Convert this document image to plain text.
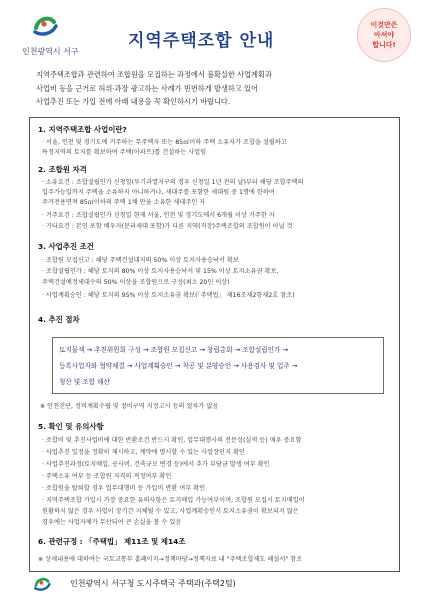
인천광역시 서구
지역주택조합 안내
이것만은
아셔야
합니다!
지역주택조합과 관련하여 조합원을 모집하는 과정에서 불확실한 사업계획과
사업비 등을 근거로 허위·과장 광고하는 사례가 빈번하게 발생하고 있어
사업추진 또는 가입 전에 아래 내용을 꼭 확인하시기 바랍니다.
1. 지역주택조합 사업이란?
· 서울, 인천 및 경기도에 거주하는 무주택자 또는 85㎡이하 주택 소유자가 조합을 설립하고
특정지역의 토지를 확보하여 주택(아파트)를 건설하는 사업임
2. 조합원 자격
· 소유요건 : 조합설립인가 신청일(투기과열지구의 경우 신청일 1년 전의 날)부터 해당 조합주택의
입주가능일까지 주택을 소유하지 아니하거나, 세대주를 포함한 세대원 중 1명에 한하여
주거전용면적 85㎡이하의 주택 1채 만을 소유한 세대주인 자
· 거주요건 : 조합설립인가 신청일 현재 서울, 인천 및 경기도에서 6개월 이상 거주한 자
· 기타요건 : 본인 포함 배우자(분리세대 포함)가 다른 지역(직장)주택조합의 조합원이 아닐 것
3. 사업추진 조건
· 조합원 모집신고 : 해당 주택건설대지의 50% 이상 토지사용승낙서 확보
· 조합설립인가 : 해당 토지의 80% 이상 토지사용승낙서 및 15% 이상 토지소유권 확보,
주택건설예정세대수의 50% 이상을 조합원으로 구성(최소 20인 이상)
· 사업계획승인 : 해당 토지의 95% 이상 토지소유권 확보(「주택법」 제16조제2항제2호 참조)
4. 추진 절차
토지물색 → 추진위원회 구성 → 조합원 모집신고 → 창립총회 → 조합설립인가 →
등록사업자와 협약체결 → 사업계획승인 → 착공 및 분양승인 → 사용검사 및 입주 →
청산 및 조합 해산
※ 안전진단, 정비계획수립 및 정비구역 지정고시 등의 절차가 없음
5. 확인 및 유의사항
· 조합비 및 추진사업비에 대한 반환조건 반드시 확인, 업무대행사의 전문성(실적 등) 매우 중요함
· 사업추진 일정을 정확히 제시하고, 계약에 명시할 수 있는 사업장인지 확인
· 사업추진과정(토지매입, 공사비, 건축규모 변경 등)에서 추가 부담금 발생 여부 확인
· 주택소유 여부 등 조합원 자격의 적정여부 확인
· 조합원을 탈퇴할 경우 업무대행비 등 가입비 반환 여부 확인
· 지역주택조합 가입시 가장 중요한 유의사항은 토지매입 가능여부이며, 조합원 모집시 토지매입이
원활하지 않은 경우 사업이 장기간 지체될 수 있고, 사업계획승인시 토지소유권이 확보되지 않은
경우에는 사업자체가 무산되어 큰 손실을 볼 수 있음
6. 관련규정 : 「주택법」 제11조 및 제14조
※ 상세내용에 대하여는 국토교통부 홈페이지→정책마당→정책자료 내 "주택조합제도 해설서" 참조
인천광역시 서구청 도시주택국 주택과(주택2팀)
